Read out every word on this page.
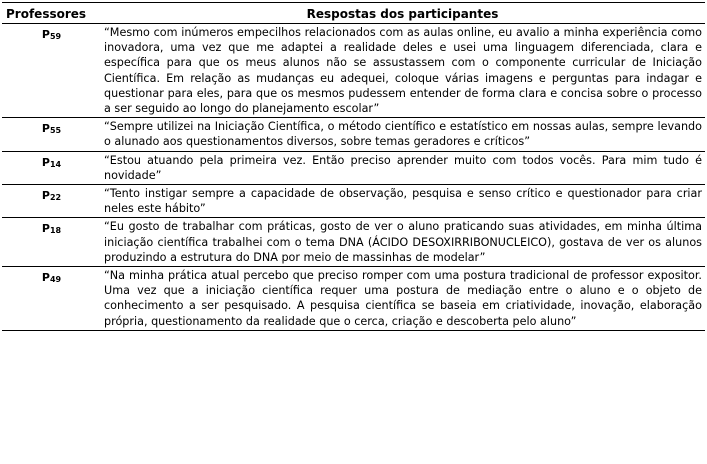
Professores	Respostas dos participantes
P59	“Mesmo com inúmeros empecilhos relacionados com as aulas online, eu avalio a minha experiência como inovadora, uma vez que me adaptei a realidade deles e usei uma linguagem diferenciada, clara e específica para que os meus alunos não se assustassem com o componente curricular de Iniciação Científica. Em relação as mudanças eu adequei, coloque várias imagens e perguntas para indagar e questionar para eles, para que os mesmos pudessem entender de forma clara e concisa sobre o processo a ser seguido ao longo do planejamento escolar”
P55	“Sempre utilizei na Iniciação Científica, o método científico e estatístico em nossas aulas, sempre levando o alunado aos questionamentos diversos, sobre temas geradores e críticos”
P14	“Estou atuando pela primeira vez. Então preciso aprender muito com todos vocês. Para mim tudo é novidade”
P22	“Tento instigar sempre a capacidade de observação, pesquisa e senso crítico e questionador para criar neles este hábito”
P18	“Eu gosto de trabalhar com práticas, gosto de ver o aluno praticando suas atividades, em minha última iniciação científica trabalhei com o tema DNA (ÁCIDO DESOXIRRIBONUCLEICO), gostava de ver os alunos produzindo a estrutura do DNA por meio de massinhas de modelar”
P49	“Na minha prática atual percebo que preciso romper com uma postura tradicional de professor expositor. Uma vez que a iniciação científica requer uma postura de mediação entre o aluno e o objeto de conhecimento a ser pesquisado. A pesquisa científica se baseia em criatividade, inovação, elaboração própria, questionamento da realidade que o cerca, criação e descoberta pelo aluno”
